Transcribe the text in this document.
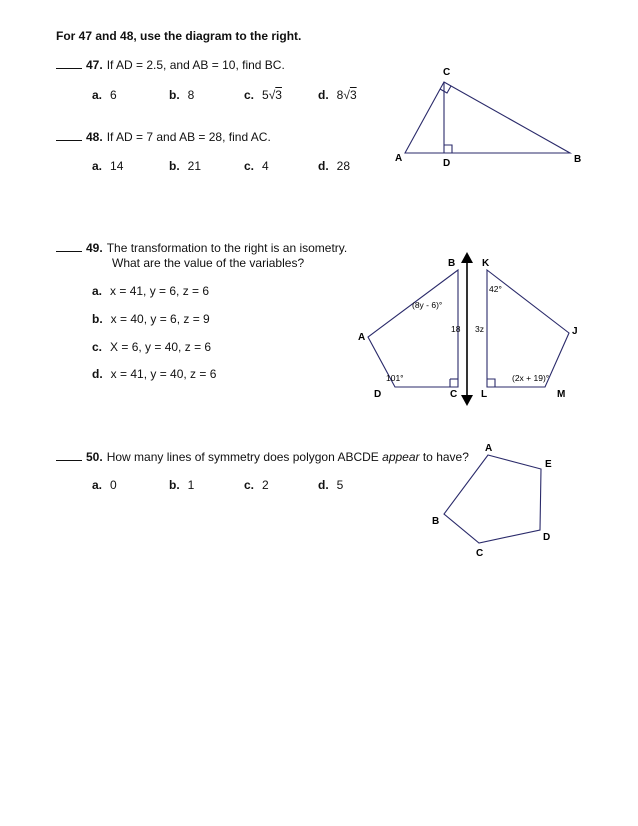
For 47 and 48, use the diagram to the right.
47. If AD = 2.5, and AB = 10, find BC.
a. 6	b. 8	c. 5√3	d. 8√3
48. If AD = 7 and AB = 28, find AC.
a. 14	b. 21	c. 4	d. 28
49. The transformation to the right is an isometry.
What are the value of the variables?
a. x = 41, y = 6, z = 6
b. x = 40, y = 6, z = 9
c. X = 6, y = 40, z = 6
d. x = 41, y = 40, z = 6
50. How many lines of symmetry does polygon ABCDE appear to have?
a. 0	b. 1	c. 2	d. 5
C
A	D	B
B	K
A
J
D	C L	M
(8y - 6)°
18 3z
42°
101°	(2x + 19)°
A
E
D
C
B
